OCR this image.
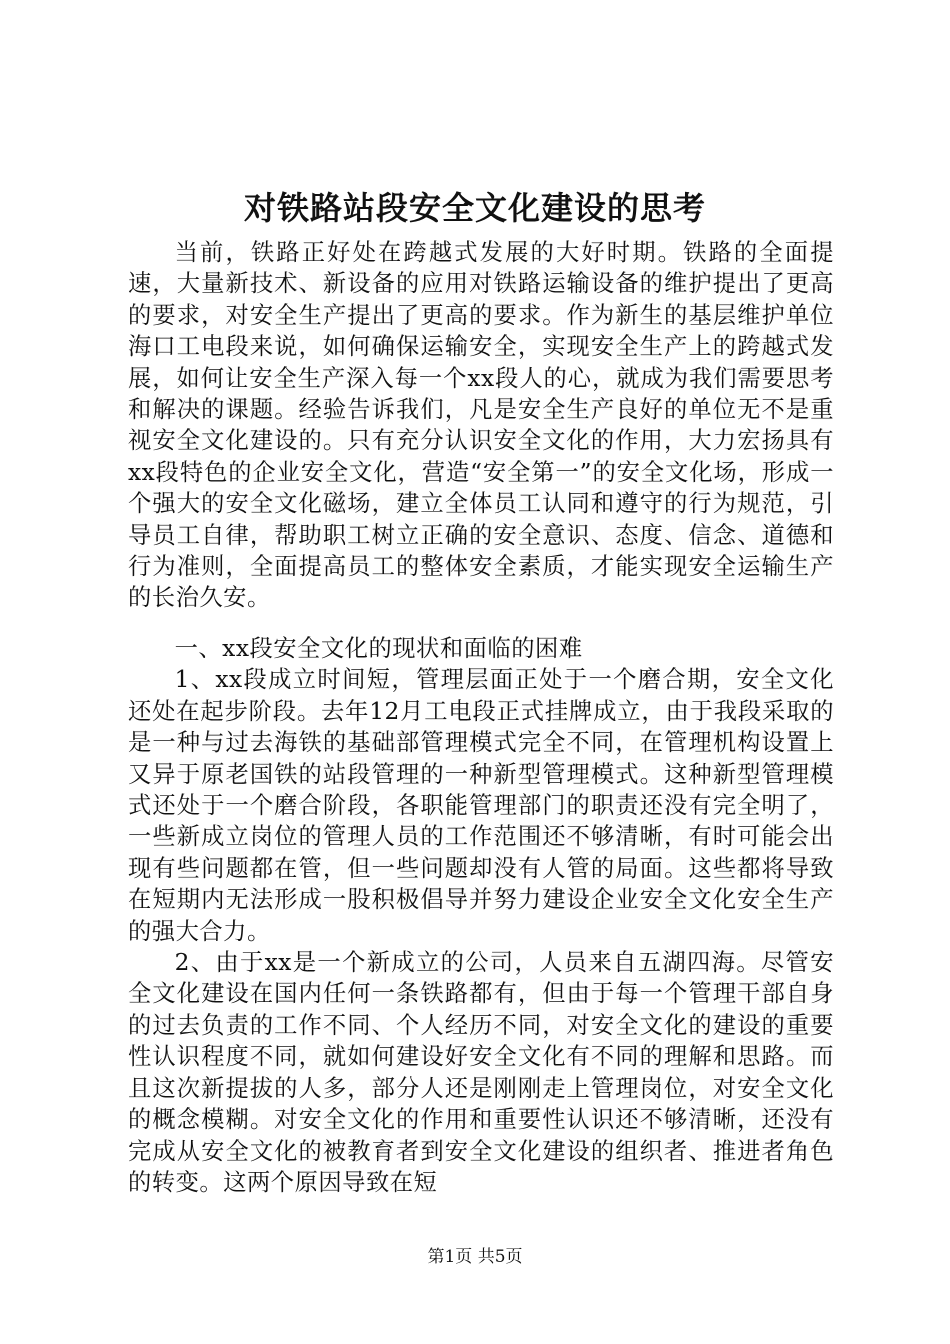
对铁路站段安全文化建设的思考

当前，铁路正好处在跨越式发展的大好时期。铁路的全面提速，大量新技术、新设备的应用对铁路运输设备的维护提出了更高的要求，对安全生产提出了更高的要求。作为新生的基层维护单位海口工电段来说，如何确保运输安全，实现安全生产上的跨越式发展，如何让安全生产深入每一个xx段人的心，就成为我们需要思考和解决的课题。经验告诉我们，凡是安全生产良好的单位无不是重视安全文化建设的。只有充分认识安全文化的作用，大力宏扬具有xx段特色的企业安全文化，营造“安全第一”的安全文化场，形成一个强大的安全文化磁场，建立全体员工认同和遵守的行为规范，引导员工自律，帮助职工树立正确的安全意识、态度、信念、道德和行为准则，全面提高员工的整体安全素质，才能实现安全运输生产的长治久安。

一、xx段安全文化的现状和面临的困难

1、xx段成立时间短，管理层面正处于一个磨合期，安全文化还处在起步阶段。去年12月工电段正式挂牌成立，由于我段采取的是一种与过去海铁的基础部管理模式完全不同，在管理机构设置上又异于原老国铁的站段管理的一种新型管理模式。这种新型管理模式还处于一个磨合阶段，各职能管理部门的职责还没有完全明了，一些新成立岗位的管理人员的工作范围还不够清晰，有时可能会出现有些问题都在管，但一些问题却没有人管的局面。这些都将导致在短期内无法形成一股积极倡导并努力建设企业安全文化安全生产的强大合力。

2、由于xx是一个新成立的公司，人员来自五湖四海。尽管安全文化建设在国内任何一条铁路都有，但由于每一个管理干部自身的过去负责的工作不同、个人经历不同，对安全文化的建设的重要性认识程度不同，就如何建设好安全文化有不同的理解和思路。而且这次新提拔的人多，部分人还是刚刚走上管理岗位，对安全文化的概念模糊。对安全文化的作用和重要性认识还不够清晰，还没有完成从安全文化的被教育者到安全文化建设的组织者、推进者角色的转变。这两个原因导致在短

第1页 共5页
